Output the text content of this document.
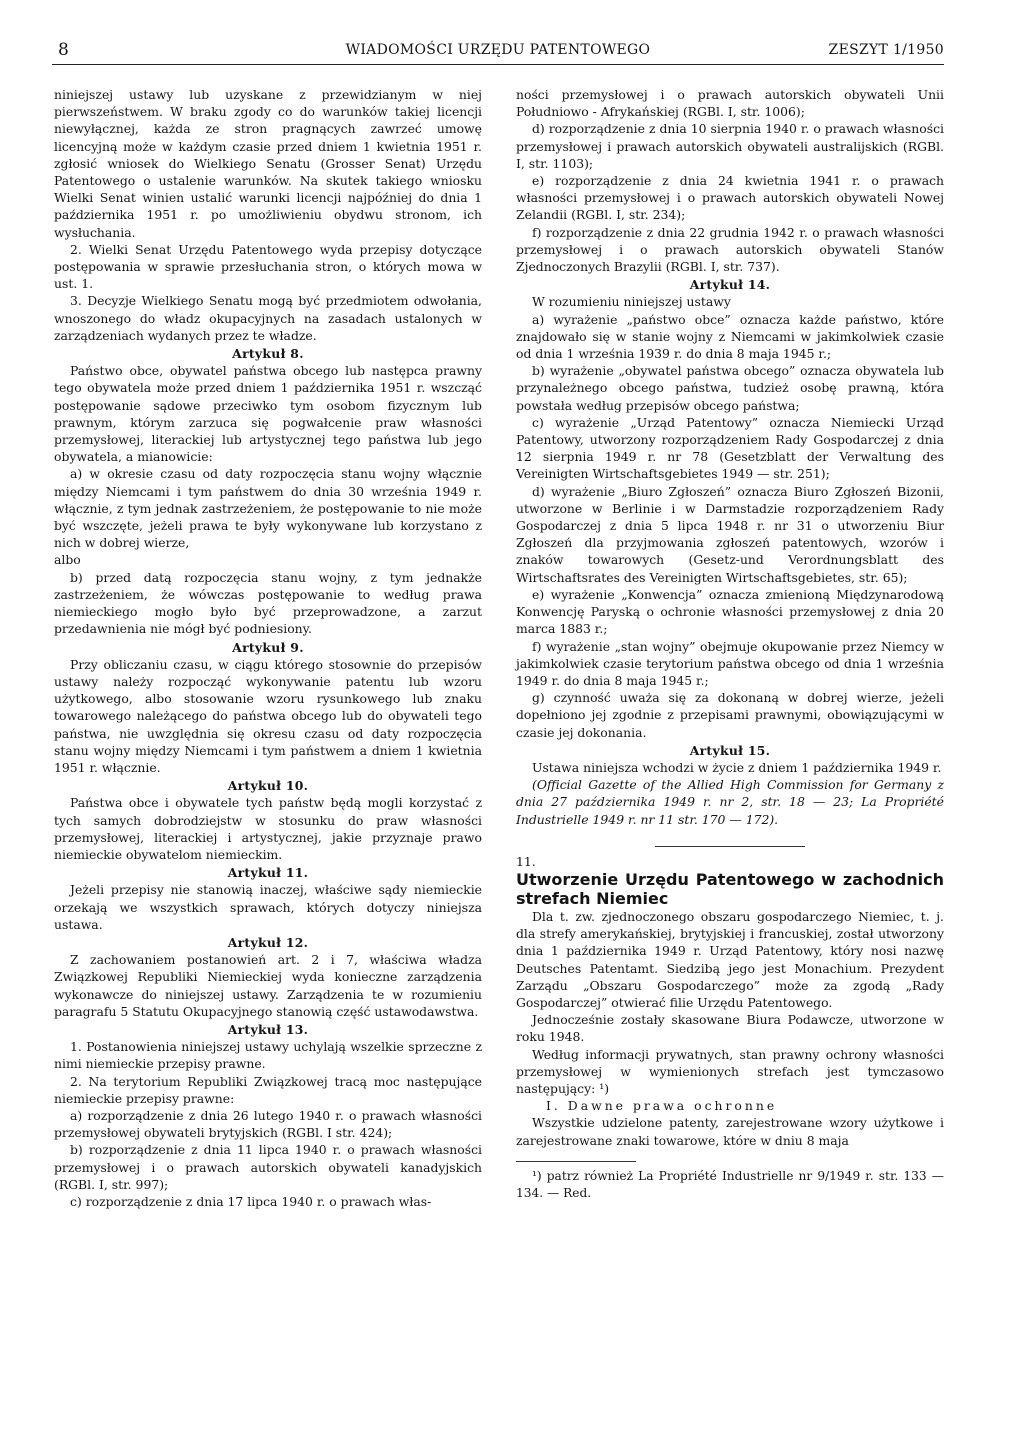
8	WIADOMOŚCI URZĘDU PATENTOWEGO	ZESZYT 1/1950

niniejszej ustawy lub uzyskane z przewidzianym w niej pierwszeństwem. W braku zgody co do warunków takiej licencji niewyłącznej, każda ze stron pragnących zawrzeć umowę licencyjną może w każdym czasie przed dniem 1 kwietnia 1951 r. zgłosić wniosek do Wielkiego Senatu (Grosser Senat) Urzędu Patentowego o ustalenie warunków. Na skutek takiego wniosku Wielki Senat winien ustalić warunki licencji najpóźniej do dnia 1 października 1951 r. po umożliwieniu obydwu stronom, ich wysłuchania.

2. Wielki Senat Urzędu Patentowego wyda przepisy dotyczące postępowania w sprawie przesłuchania stron, o których mowa w ust. 1.

3. Decyzje Wielkiego Senatu mogą być przedmiotem odwołania, wnoszonego do władz okupacyjnych na zasadach ustalonych w zarządzeniach wydanych przez te władze.

Artykuł 8.

Państwo obce, obywatel państwa obcego lub następca prawny tego obywatela może przed dniem 1 października 1951 r. wszcząć postępowanie sądowe przeciwko tym osobom fizycznym lub prawnym, którym zarzuca się pogwałcenie praw własności przemysłowej, literackiej lub artystycznej tego państwa lub jego obywatela, a mianowicie:

a) w okresie czasu od daty rozpoczęcia stanu wojny włącznie między Niemcami i tym państwem do dnia 30 września 1949 r. włącznie, z tym jednak zastrzeżeniem, że postępowanie to nie może być wszczęte, jeżeli prawa te były wykonywane lub korzystano z nich w dobrej wierze,

albo

b) przed datą rozpoczęcia stanu wojny, z tym jednakże zastrzeżeniem, że wówczas postępowanie to według prawa niemieckiego mogło było być przeprowadzone, a zarzut przedawnienia nie mógł być podniesiony.

Artykuł 9.

Przy obliczaniu czasu, w ciągu którego stosownie do przepisów ustawy należy rozpocząć wykonywanie patentu lub wzoru użytkowego, albo stosowanie wzoru rysunkowego lub znaku towarowego należącego do państwa obcego lub do obywateli tego państwa, nie uwzględnia się okresu czasu od daty rozpoczęcia stanu wojny między Niemcami i tym państwem a dniem 1 kwietnia 1951 r. włącznie.

Artykuł 10.

Państwa obce i obywatele tych państw będą mogli korzystać z tych samych dobrodziejstw w stosunku do praw własności przemysłowej, literackiej i artystycznej, jakie przyznaje prawo niemieckie obywatelom niemieckim.

Artykuł 11.

Jeżeli przepisy nie stanowią inaczej, właściwe sądy niemieckie orzekają we wszystkich sprawach, których dotyczy niniejsza ustawa.

Artykuł 12.

Z zachowaniem postanowień art. 2 i 7, właściwa władza Związkowej Republiki Niemieckiej wyda konieczne zarządzenia wykonawcze do niniejszej ustawy. Zarządzenia te w rozumieniu paragrafu 5 Statutu Okupacyjnego stanowią część ustawodawstwa.

Artykuł 13.

1. Postanowienia niniejszej ustawy uchylają wszelkie sprzeczne z nimi niemieckie przepisy prawne.

2. Na terytorium Republiki Związkowej tracą moc następujące niemieckie przepisy prawne:

a) rozporządzenie z dnia 26 lutego 1940 r. o prawach własności przemysłowej obywateli brytyjskich (RGBl. I str. 424);

b) rozporządzenie z dnia 11 lipca 1940 r. o prawach własności przemysłowej i o prawach autorskich obywateli kanadyjskich (RGBl. I, str. 997);

c) rozporządzenie z dnia 17 lipca 1940 r. o prawach włas-

ności przemysłowej i o prawach autorskich obywateli Unii Południowo - Afrykańskiej (RGBl. I, str. 1006);

d) rozporządzenie z dnia 10 sierpnia 1940 r. o prawach własności przemysłowej i prawach autorskich obywateli australijskich (RGBl. I, str. 1103);

e) rozporządzenie z dnia 24 kwietnia 1941 r. o prawach własności przemysłowej i o prawach autorskich obywateli Nowej Zelandii (RGBl. I, str. 234);

f) rozporządzenie z dnia 22 grudnia 1942 r. o prawach własności przemysłowej i o prawach autorskich obywateli Stanów Zjednoczonych Brazylii (RGBl. I, str. 737).

Artykuł 14.

W rozumieniu niniejszej ustawy

a) wyrażenie „państwo obce” oznacza każde państwo, które znajdowało się w stanie wojny z Niemcami w jakimkolwiek czasie od dnia 1 września 1939 r. do dnia 8 maja 1945 r.;

b) wyrażenie „obywatel państwa obcego” oznacza obywatela lub przynależnego obcego państwa, tudzież osobę prawną, która powstała według przepisów obcego państwa;

c) wyrażenie „Urząd Patentowy” oznacza Niemiecki Urząd Patentowy, utworzony rozporządzeniem Rady Gospodarczej z dnia 12 sierpnia 1949 r. nr 78 (Gesetzblatt der Verwaltung des Vereinigten Wirtschaftsgebietes 1949 — str. 251);

d) wyrażenie „Biuro Zgłoszeń” oznacza Biuro Zgłoszeń Bizonii, utworzone w Berlinie i w Darmstadzie rozporządzeniem Rady Gospodarczej z dnia 5 lipca 1948 r. nr 31 o utworzeniu Biur Zgłoszeń dla przyjmowania zgłoszeń patentowych, wzorów i znaków towarowych (Gesetz-und Verordnungsblatt des Wirtschaftsrates des Vereinigten Wirtschaftsgebietes, str. 65);

e) wyrażenie „Konwencja” oznacza zmienioną Międzynarodową Konwencję Paryską o ochronie własności przemysłowej z dnia 20 marca 1883 r.;

f) wyrażenie „stan wojny” obejmuje okupowanie przez Niemcy w jakimkolwiek czasie terytorium państwa obcego od dnia 1 września 1949 r. do dnia 8 maja 1945 r.;

g) czynność uważa się za dokonaną w dobrej wierze, jeżeli dopełniono jej zgodnie z przepisami prawnymi, obowiązującymi w czasie jej dokonania.

Artykuł 15.

Ustawa niniejsza wchodzi w życie z dniem 1 października 1949 r.

(Official Gazette of the Allied High Commission for Germany z dnia 27 października 1949 r. nr 2, str. 18 — 23; La Propriété Industrielle 1949 r. nr 11 str. 170 — 172).

11.

Utworzenie Urzędu Patentowego w zachodnich strefach Niemiec

Dla t. zw. zjednoczonego obszaru gospodarczego Niemiec, t. j. dla strefy amerykańskiej, brytyjskiej i francuskiej, został utworzony dnia 1 października 1949 r. Urząd Patentowy, który nosi nazwę Deutsches Patentamt. Siedzibą jego jest Monachium. Prezydent Zarządu „Obszaru Gospodarczego” może za zgodą „Rady Gospodarczej” otwierać filie Urzędu Patentowego.

Jednocześnie zostały skasowane Biura Podawcze, utworzone w roku 1948.

Według informacji prywatnych, stan prawny ochrony własności przemysłowej w wymienionych strefach jest tymczasowo następujący: ¹)

I. Dawne prawa ochronne

Wszystkie udzielone patenty, zarejestrowane wzory użytkowe i zarejestrowane znaki towarowe, które w dniu 8 maja

¹) patrz również La Propriété Industrielle nr 9/1949 r. str. 133 — 134. — Red.
